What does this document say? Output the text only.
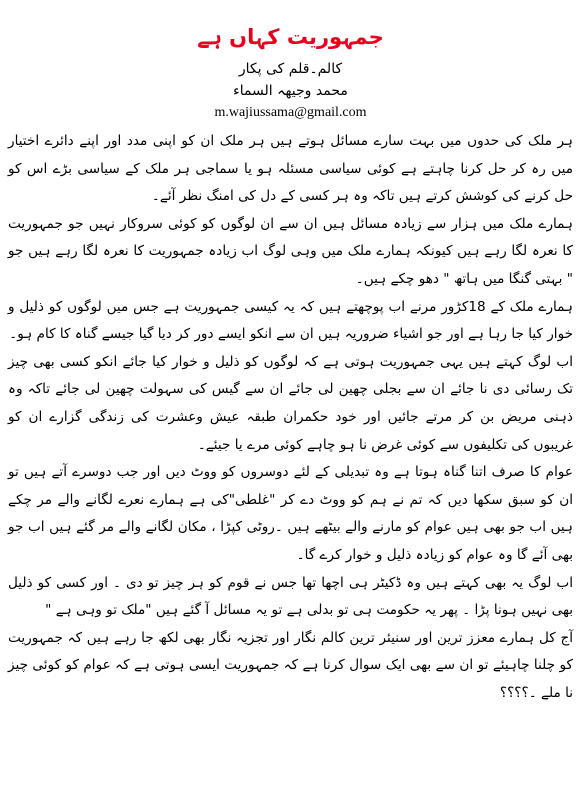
جمہوریت کہاں ہے
کالم۔قلم کی پکار
محمد وجیھہ السماء
m.wajiussama@gmail.com

ہر ملک کی حدوں میں بہت سارے مسائل ہوتے ہیں ہر ملک ان کو اپنی مدد اور اپنے دائرے اختیار میں رہ کر حل کرنا چاہتے ہے کوئی سیاسی مسئلہ ہو یا سماجی ہر ملک کے سیاسی بڑے اس کو حل کرنے کی کوشش کرتے ہیں تاکہ وہ ہر کسی کے دل کی امنگ نظر آئے۔

ہمارے ملک میں ہزار سے زیادہ مسائل ہیں ان سے ان لوگوں کو کوئی سروکار نہیں جو جمہوریت کا نعرہ لگا رہے ہیں کیونکہ ہمارے ملک میں وہی لوگ اب زیادہ جمہوریت کا نعرہ لگا رہے ہیں جو " بہتی گنگا میں ہاتھ " دھو چکے ہیں۔

ہمارے ملک کے 18کڑور مرنے اب پوچھتے ہیں کہ یہ کیسی جمہوریت ہے جس میں لوگوں کو ذلیل و خوار کیا جا رہا ہے اور جو اشیاء ضروریہ ہیں ان سے انکو ایسے دور کر دیا گیا جیسے گناہ کا کام ہو۔

اب لوگ کہتے ہیں یہی جمہوریت ہوتی ہے کہ لوگوں کو ذلیل و خوار کیا جائے انکو کسی بھی چیز تک رسائی دی نا جائے ان سے بجلی چھین لی جائے ان سے گیس کی سہولت چھین لی جائے تاکہ وہ ذہنی مریض بن کر مرتے جائیں اور خود حکمران طبقہ عیش وعشرت کی زندگی گزارے ان کو غریبوں کی تکلیفوں سے کوئی غرض نا ہو چاہے کوئی مرے یا جیئے۔

عوام کا صرف اتنا گناہ ہوتا ہے وہ تبدیلی کے لئے دوسروں کو ووٹ دیں اور جب دوسرے آتے ہیں تو ان کو سبق سکھا دیں کہ تم نے ہم کو ووٹ دے کر "غلطی"کی ہے ہمارے نعرے لگانے والے مر چکے ہیں اب جو بھی ہیں عوام کو مارنے والے بیٹھے ہیں ۔روٹی کپڑا ، مکان لگانے والے مر گئے ہیں اب جو بھی آئے گا وہ عوام کو زیادہ ذلیل و خوار کرے گا۔

اب لوگ یہ بھی کہتے ہیں وہ ڈکیٹر ہی اچھا تھا جس نے قوم کو ہر چیز تو دی ۔ اور کسی کو ذلیل بھی نہیں ہونا پڑا ۔ پھر یہ حکومت ہی تو بدلی ہے تو یہ مسائل آ گئے ہیں "ملک تو وہی ہے "

آج کل ہمارے معزز ترین اور سنیئر ترین کالم نگار اور تجزیہ نگار بھی لکھ جا رہے ہیں کہ جمہوریت کو چلنا چاہیئے تو ان سے بھی ایک سوال کرنا ہے کہ جمہوریت ایسی ہوتی ہے کہ عوام کو کوئی چیز نا ملے ۔؟؟؟؟
